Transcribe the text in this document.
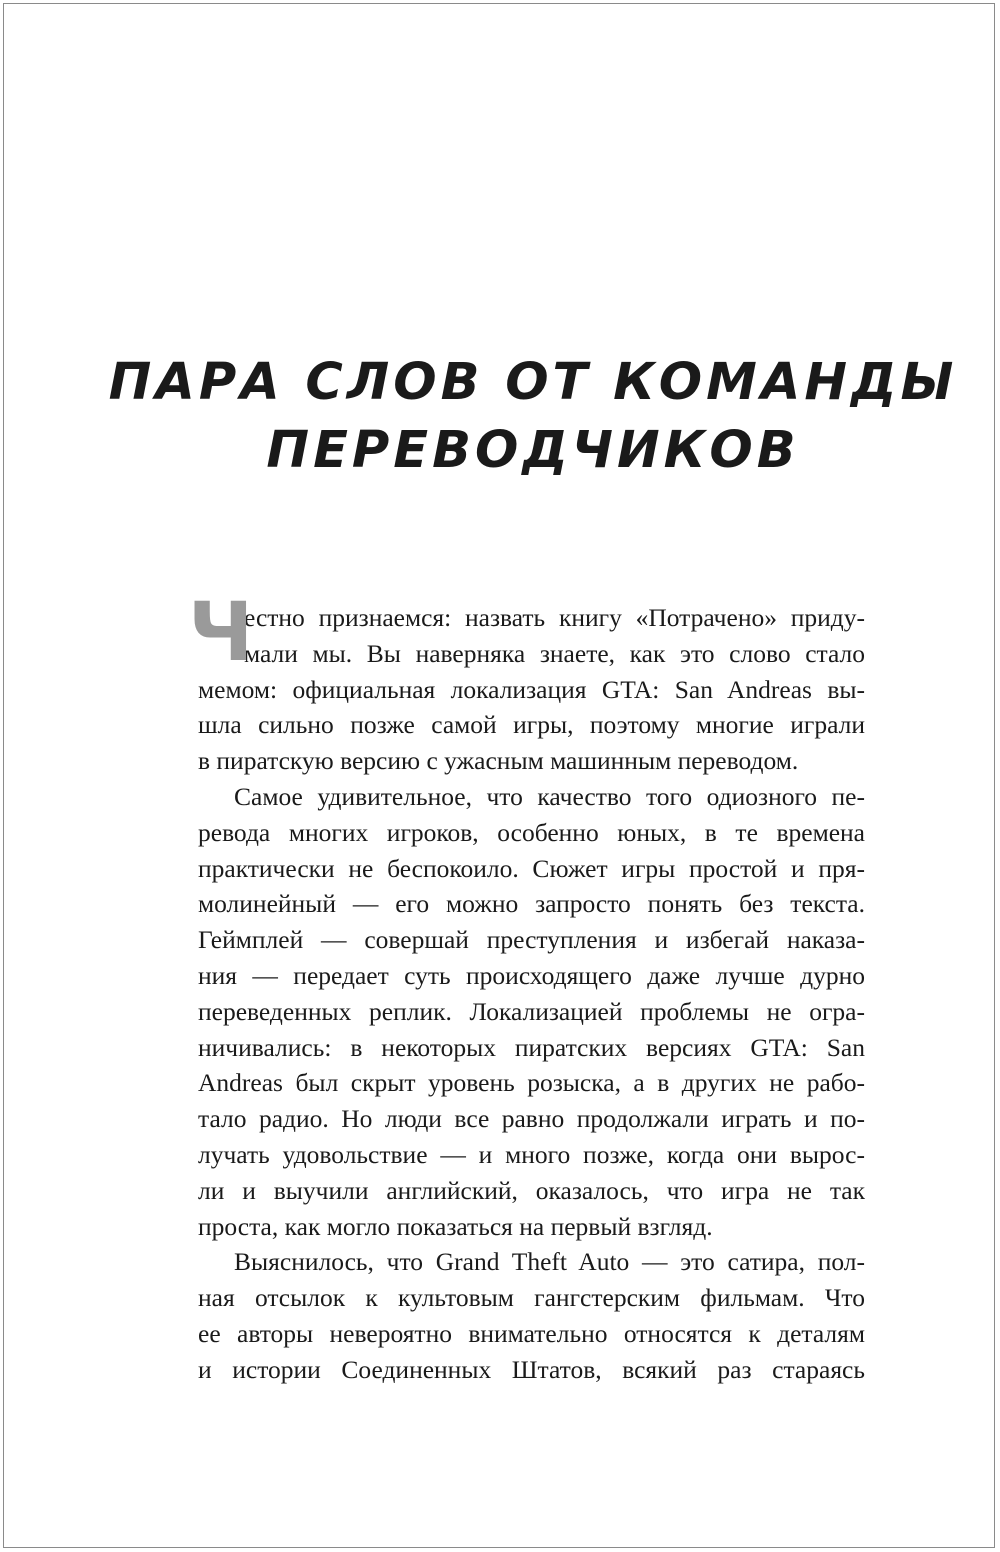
ПАРА СЛОВ ОТ КОМАНДЫ
ПЕРЕВОДЧИКОВ
Ч

естно признаемся: назвать книгу «Потрачено» приду-
мали мы. Вы наверняка знаете, как это слово стало
мемом: официальная локализация GTA: San Andreas вы-
шла сильно позже самой игры, поэтому многие играли
в пиратскую версию с ужасным машинным переводом.

Самое удивительное, что качество того одиозного пе-
ревода многих игроков, особенно юных, в те времена
практически не беспокоило. Сюжет игры простой и пря-
молинейный — его можно запросто понять без текста.
Геймплей — совершай преступления и избегай наказа-
ния — передает суть происходящего даже лучше дурно
переведенных реплик. Локализацией проблемы не огра-
ничивались: в некоторых пиратских версиях GTA: San
Andreas был скрыт уровень розыска, а в других не рабо-
тало радио. Но люди все равно продолжали играть и по-
лучать удовольствие — и много позже, когда они вырос-
ли и выучили английский, оказалось, что игра не так
проста, как могло показаться на первый взгляд.

Выяснилось, что Grand Theft Auto — это сатира, пол-
ная отсылок к культовым гангстерским фильмам. Что
ее авторы невероятно внимательно относятся к деталям
и истории Соединенных Штатов, всякий раз стараясь
